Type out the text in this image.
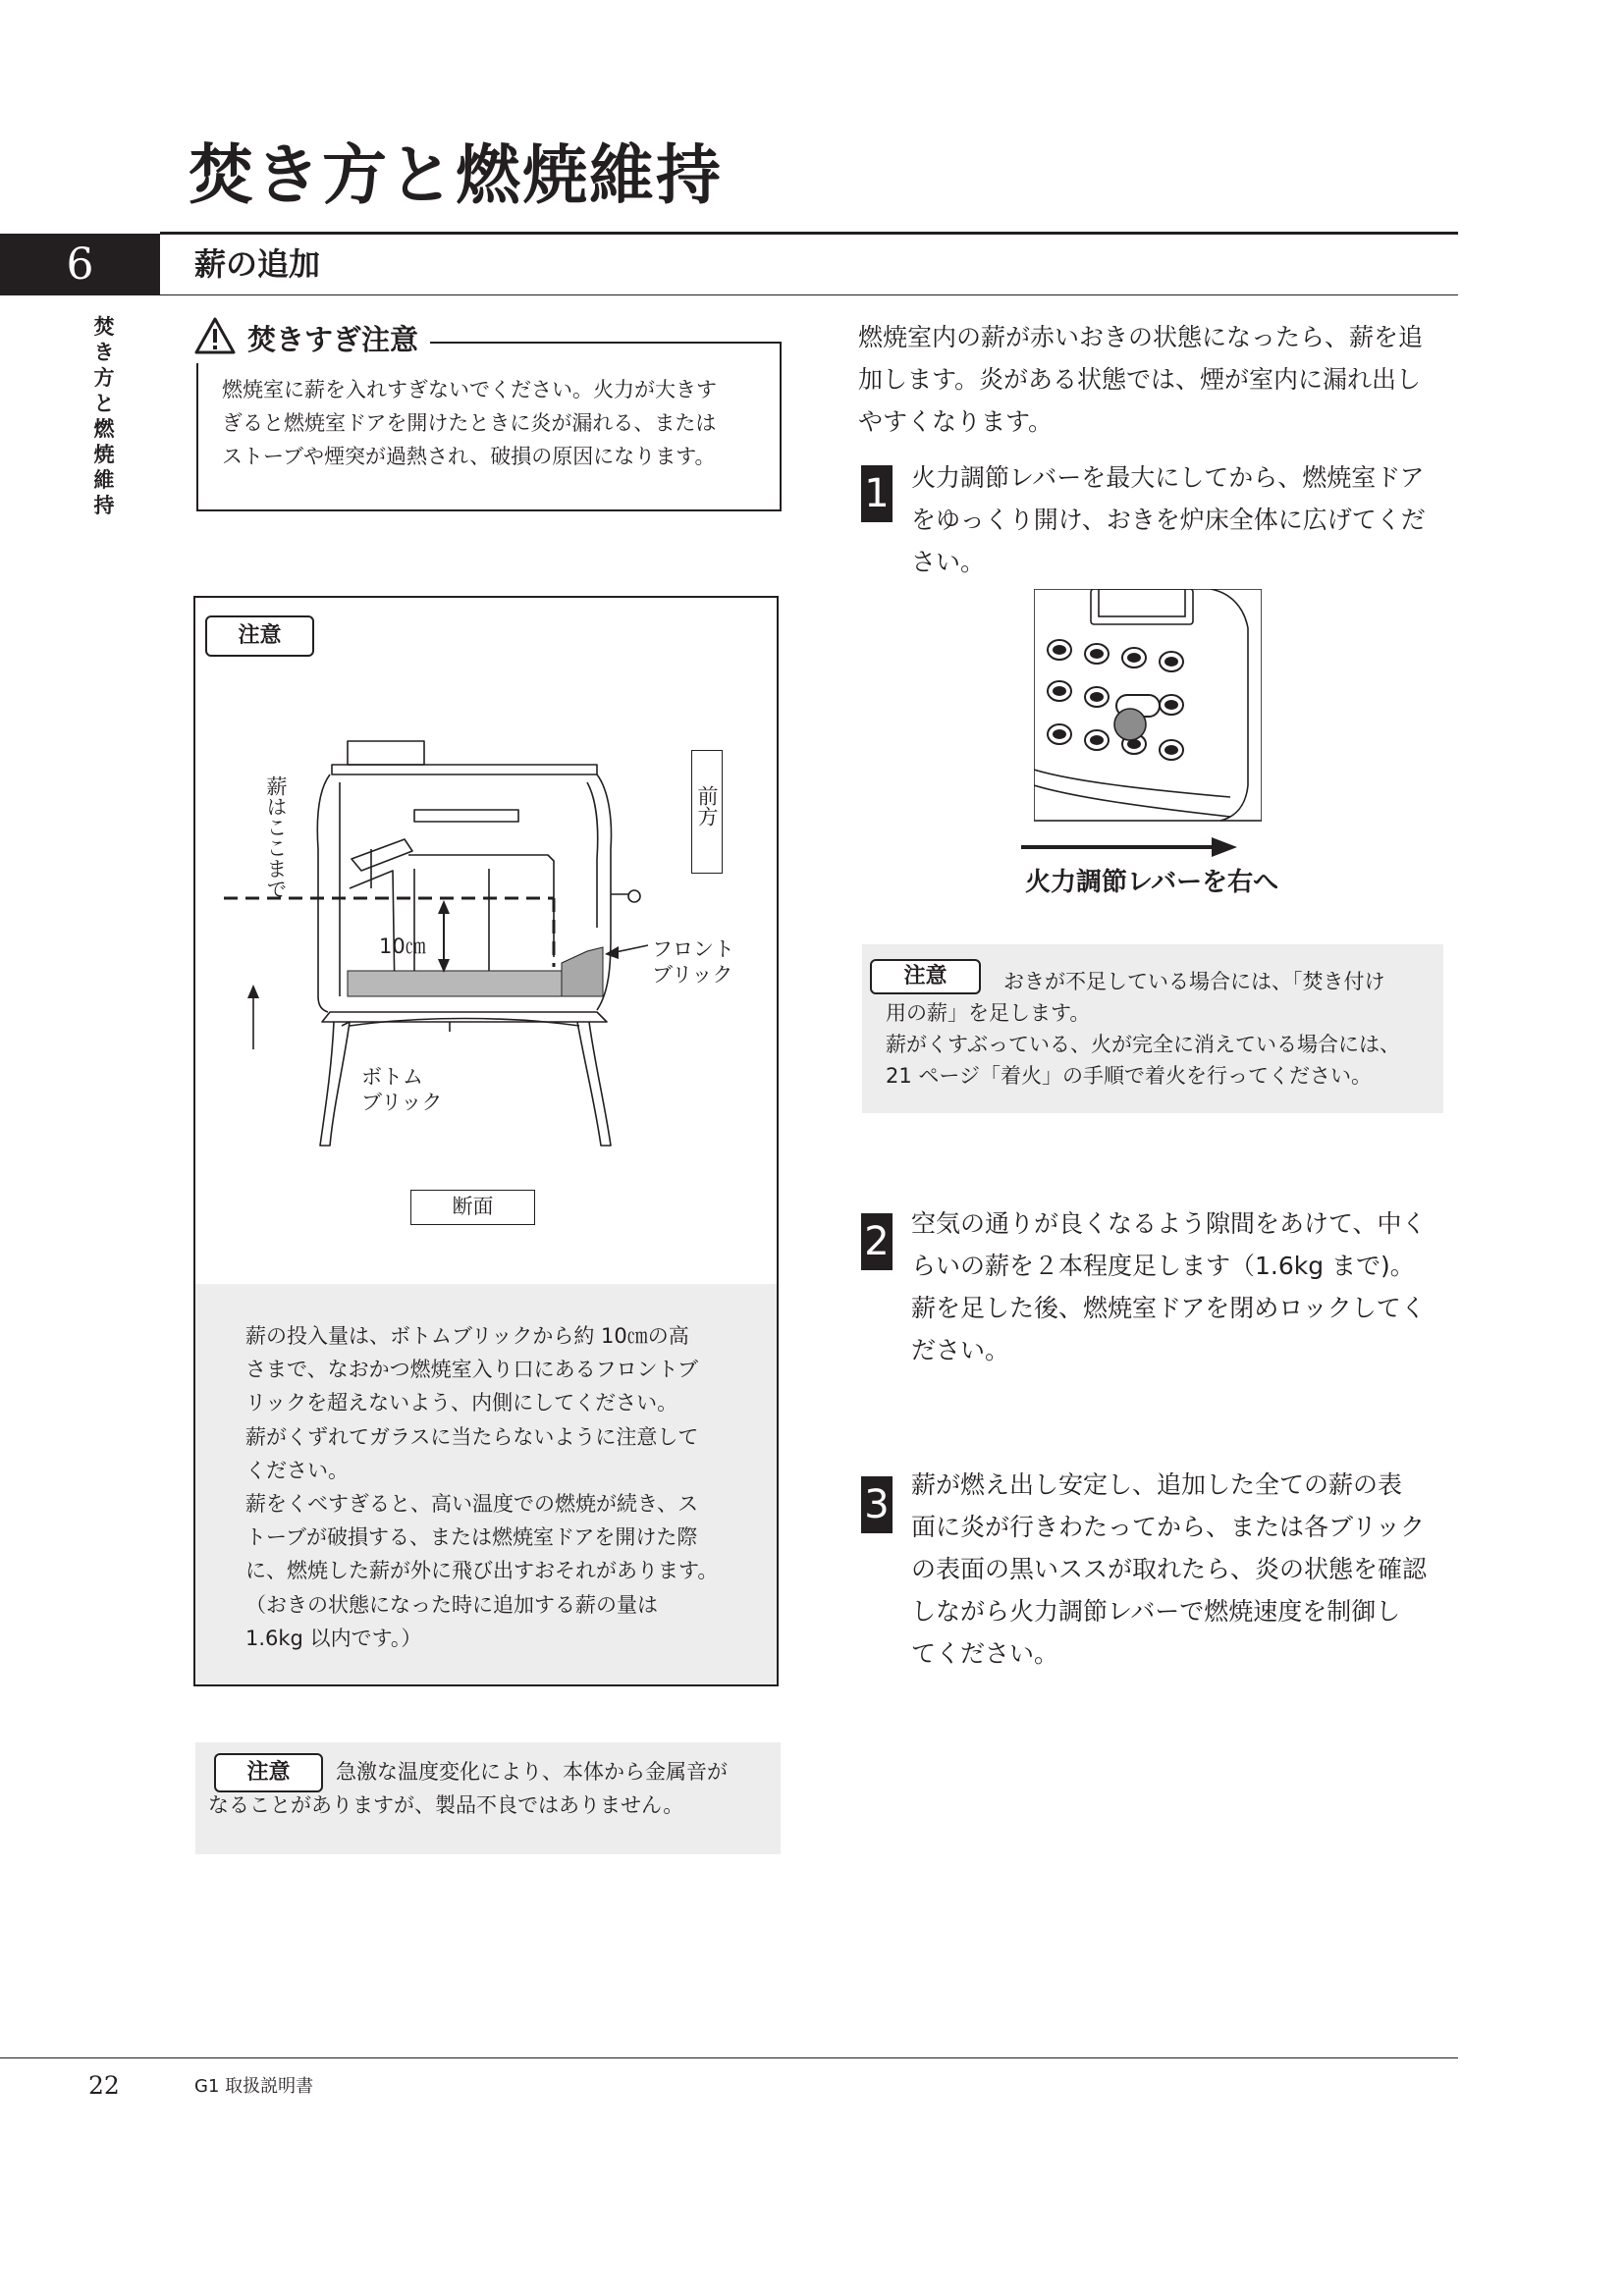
焚き方と燃焼維持
6	薪の追加
焚き方と燃焼維持
焚きすぎ注意
燃焼室に薪を入れすぎないでください。火力が大きす
ぎると燃焼室ドアを開けたときに炎が漏れる、または
ストーブや煙突が過熱され、破損の原因になります。
注意
薪はここまで	前方
10㎝	フロント
ブリック
ボトム
ブリック
断面
薪の投入量は、ボトムブリックから約 10㎝の高
さまで、なおかつ燃焼室入り口にあるフロントブ
リックを超えないよう、内側にしてください。
薪がくずれてガラスに当たらないように注意して
ください。
薪をくべすぎると、高い温度での燃焼が続き、ス
トーブが破損する、または燃焼室ドアを開けた際
に、燃焼した薪が外に飛び出すおそれがあります。
（おきの状態になった時に追加する薪の量は
1.6kg 以内です。）
急激な温度変化により、本体から金属音が
なることがありますが、製品不良ではありません。
注意
燃焼室内の薪が赤いおきの状態になったら、薪を追
加します。炎がある状態では、煙が室内に漏れ出し
やすくなります。
1 火力調節レバーを最大にしてから、燃焼室ドア
をゆっくり開け、おきを炉床全体に広げてくだ
さい。
火力調節レバーを右へ
おきが不足している場合には、「焚き付け
用の薪」を足します。
薪がくすぶっている、火が完全に消えている場合には、
21 ページ「着火」の手順で着火を行ってください。
注意
2 空気の通りが良くなるよう隙間をあけて、中く
らいの薪を２本程度足します（1.6kg まで)。
薪を足した後、燃焼室ドアを閉めロックしてく
ださい。
3 薪が燃え出し安定し、追加した全ての薪の表
面に炎が行きわたってから、または各ブリック
の表面の黒いススが取れたら、炎の状態を確認
しながら火力調節レバーで燃焼速度を制御し
てください。
22	G1 取扱説明書
